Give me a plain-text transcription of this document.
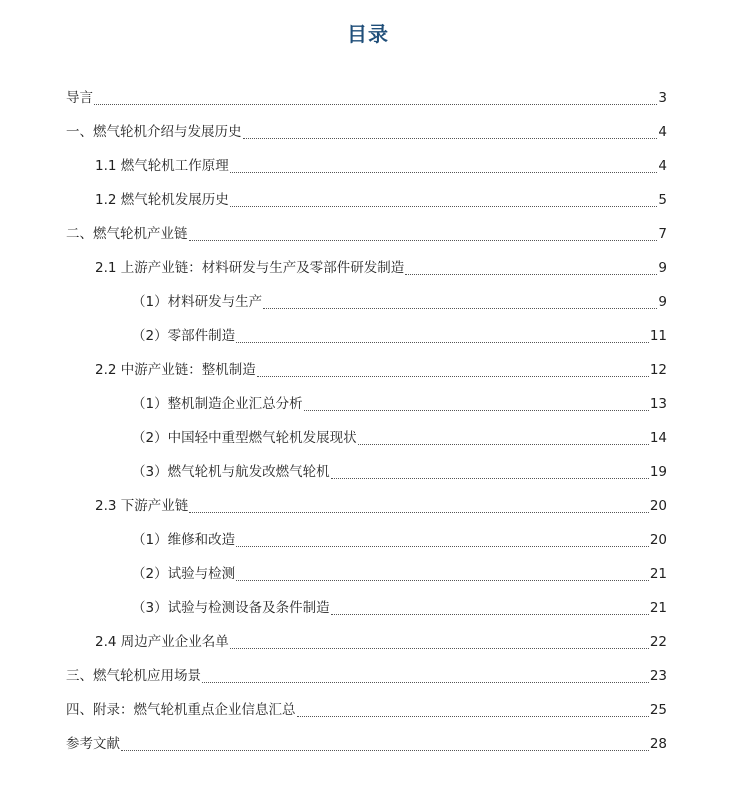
目录
导言	3
一、燃气轮机介绍与发展历史	4
1.1 燃气轮机工作原理	4
1.2 燃气轮机发展历史	5
二、燃气轮机产业链	7
2.1 上游产业链：材料研发与生产及零部件研发制造	9
（1）材料研发与生产	9
（2）零部件制造	11
2.2 中游产业链：整机制造	12
（1）整机制造企业汇总分析	13
（2）中国轻中重型燃气轮机发展现状	14
（3）燃气轮机与航发改燃气轮机	19
2.3 下游产业链	20
（1）维修和改造	20
（2）试验与检测	21
（3）试验与检测设备及条件制造	21
2.4 周边产业企业名单	22
三、燃气轮机应用场景	23
四、附录：燃气轮机重点企业信息汇总	25
参考文献	28
